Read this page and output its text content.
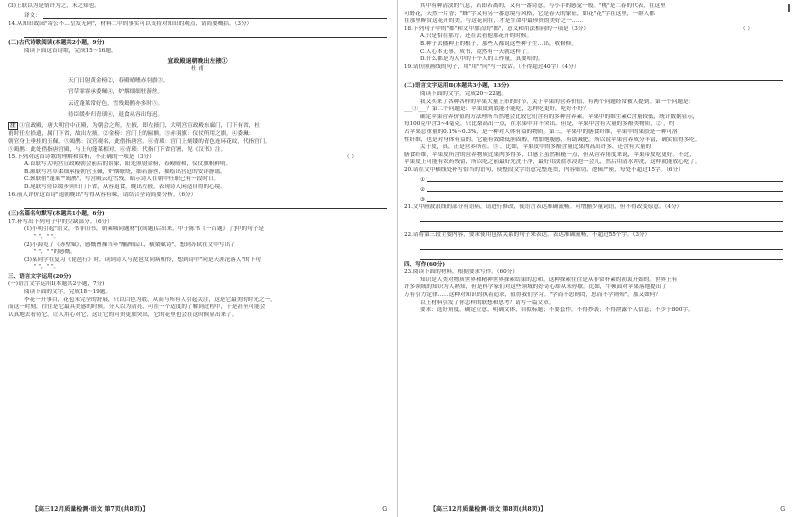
(3)上联以为是情许为之，未之知也。
译文：
14.从知旧故园"寄公不…皇发无阿"，材料二中的事实可以支持对知旧的观点，请简要概括。（3分）
(二)古代诗歌阅读(本题共2小题，9分)
阅读下面这首诗歌，完成15～16题。
宣政殿退朝晚出左掖①
杜 甫
天门日射黄金榜②，春殿晴曛赤羽旗③。
宫草霏霏承委珮④，炉烟细细驻游丝。
云近蓬莱常好色，雪残鳷鹊亦多时⑤。
侍臣缓步归青琐⑥，退食从容出每迟。
注 ①宣政殿，唐大明宫中正殿，为朝会之所。左掖，即左掖门，大明宫宣政殿东廊门，门下有省，杜
甫时任左拾遗，属门下省，故出左掖。②金榜：宫门上的匾额。③赤羽旗：仪仗所用之旗。④委珮：
朝官身上垂挂的玉佩。⑤鳷鹊：汉宫观名，此借指唐宫。⑥青琐：宫门上刻镂的青色连环花纹，代指宫门。
⑤鳷鹊：此处借指唐宫殿，与上句蓬莱相对。⑥青琐：代指门下省官署，见《汉书》注。
15.下列对这首诗歌的理解和赏析，不正确的一项是（3分）	（ ）
A.首联写大明宫宣政殿朝会前后的景象，阳光照射金榜，春殿晴和，仪仗旗帜鲜明。
B.颔联写宫草柔细承接朝官玉佩，炉烟缭绕，细若游丝，描绘出宫廷的安详静谧。
C.颈联借"蓬莱""鳷鹊"，写宫殿云近雪残，暗示诗人在朝中任职已有一段时日。
D.尾联写侍臣缓步回归门下省，从容退食，晚出左掖，表现诗人闲适自得的心境。
16.前人评价这首诗"退朝晚出"写得从容有味，请结合全诗简要分析。（6分）
(三)名篇名句默写(本题共1小题，6分)
17.补写出下列句子中的空缺部分。（6分）
(1)小明引起"语文，书非旧书，朝乘城同题材"[(间题)后出来，中于陈书《一百题》了]中的句子是
" "，" "。
(2)小海览了《赤壁赋》，感慨曹操当年"酾酒临江，横槊赋诗"，想到苏轼在文中写出了
" "，" "的感慨。
(3)某同学在复习《琵琶行》时，读到诗人与琵琶女同病相怜，想到诗中"同是天涯沦落人"的下句
" "，" "。
三、语言文字运用(20分)
(一)语言文字运用Ⅰ(本题共2小题，7分)
阅读下面的文字，完成18～19题。
李花一开事白，花苞未完全的舒展，只以白色为底，从而与所有人引起关注，这是它最美的时光之一，
而这一时刻，往往是它最具美感的时候。分人以为清亮，可在一个适度的了解到过程中，于是甚至可能会
认真地去看待它，让人用心对它，这让它的可贵更加突出，它的花里也会在这时候显出来了。
【高三12月质量检测·语文 第7页(共8页)】	G
其中有种清淡的气息，若即若离的，又有一番诗意，与小手的感觉一般。"桃"是二春的代表，在这里
可野花，天然一片香；"蜂"字又有另一番意境与风格，它是春天的象征，如花"花"字在这里，一群人都
在那里醉赏这花开的美。与这花同在，才是生命中最珍贵的美好之一……
18.下列句子中的"都"和文中加点的"都"，意义和用法相同的一项是（3分）	（ ）
A.只是恰在那方，还在去看他那花开的时候。
B.种子去播种上的根子，那些人都说这些种子生…出，收修修。
C.人心本无事，成书，竟然有一天就这样了。
D.什么都是为人中的十个人的工作量，真要哈的。
19.请仿照画线的句子，用"用""问"写一段话。（不得超过40字）（4分）
(二)语言文字运用Ⅱ(本题共3小题，13分)
阅读下面的文字，完成20～22题。
我又买来了各种各样的苹果大量上市的时节，关于苹果的营养价值，有两个问题经常被人提到。第一个问题是：
___①___？第二个问题是：苹果皮到底能不能吃，怎样吃更好，吃好不好？
确定苹果营养价值的方法理所当然地会比较它们含有的多种营养素。苹果中的维生素C含量较低，统计数据显示，
每100克中含3~4毫克，只比梨高出一点，在水果中并不突出。但是，苹果中含有大量的多酚类物质，② ，约
占苹果总重量的0.1%~0.3%，是一种对人体有益的物质。第三，苹果中的膳食纤维，苹果中的果胶是一种可溶
性纤维，也是对身体有益的，它能有效降低胆固醇，增加饱腹感，有助减肥。所以说苹果营养成分丰富，确实值得多吃。
关于皮，真，正是营养所在。③ 。比如，苹果皮中的多酚含量比果肉高出许多，还含有大量的
膳食纤维，苹果皮所含的营养物质比果肉多得多，口感上虽然粗糙一点，但从营养角度来说，苹果带皮吃更好。不过，
苹果皮上可能有农药残留，所以吃之前最好先洗干净，最好用淡盐水浸泡一会儿，然后用清水冲洗，这样就能放心吃了。
20.请在文中横线处补写恰当的语句，使整段文字语意完整连贯，内容贴切，逻辑严密，每处不超过15字。（6分）
①
②
③
21.文中画波浪线的部分有语病，请进行修改，使语言表达准确流畅。可增删少量词语，但不得改变原意。（4分）
22.请将第三段主要内容，要求使用包括关系的句子来表达，表达准确流畅，不超过55个字。（3分）
四、写作(60分)
23.阅读下面的材料，根据要求写作。（60分）
知识是人类对物质世界和精神世界探索结果的总和，这种探索往往是从非常朴素的初衷开始的。世界上有
许多领域的知识为人熟知，但是科学家们对这些领域的好奇心却从未停歇。比如，牛顿面对苹果落地提出了
万有引力定律……这种对知识的执着追求，值得我们学习。"学而不思则罔，思而不学则殆"，那又如何？
以上材料引发了你怎样的联想和思考？请写一篇文章。
要求：选好角度，确定立意，明确文体，自拟标题；不要套作，不得抄袭；不得泄露个人信息；不少于800字。
【高三12月质量检测·语文 第8页(共8页)】	G
